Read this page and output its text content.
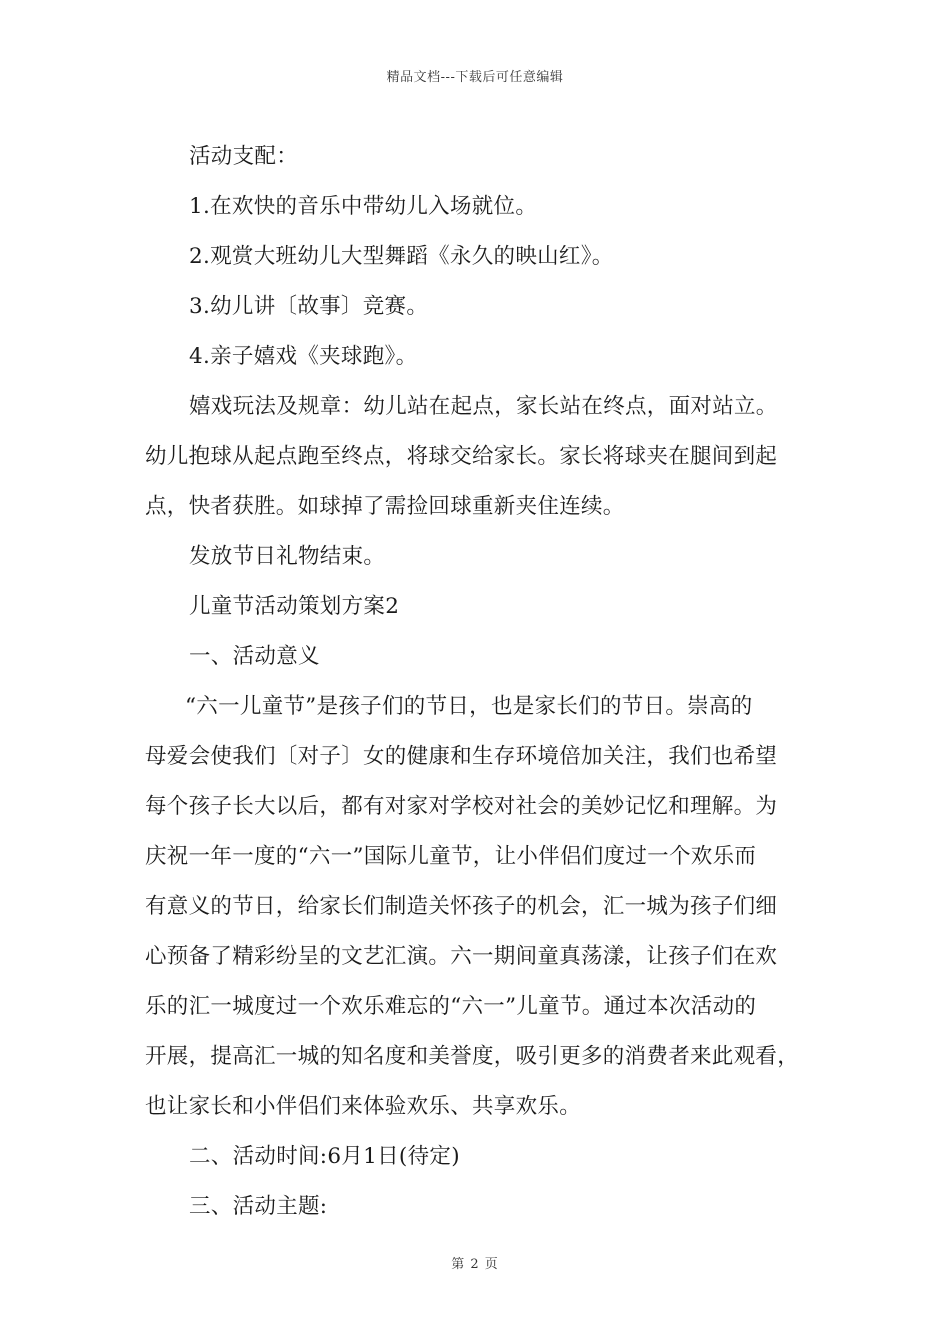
精品文档---下载后可任意编辑
活动支配：
1.在欢快的音乐中带幼儿入场就位。
2.观赏大班幼儿大型舞蹈《永久的映山红》。
3.幼儿讲〔故事〕竞赛。
4.亲子嬉戏《夹球跑》。
嬉戏玩法及规章：幼儿站在起点，家长站在终点，面对站立。
幼儿抱球从起点跑至终点，将球交给家长。家长将球夹在腿间到起
点，快者获胜。如球掉了需捡回球重新夹住连续。
发放节日礼物结束。
儿童节活动策划方案2
一、活动意义
“六一儿童节”是孩子们的节日，也是家长们的节日。崇高的
母爱会使我们〔对子〕女的健康和生存环境倍加关注，我们也希望
每个孩子长大以后，都有对家对学校对社会的美妙记忆和理解。为
庆祝一年一度的“六一”国际儿童节，让小伴侣们度过一个欢乐而
有意义的节日，给家长们制造关怀孩子的机会，汇一城为孩子们细
心预备了精彩纷呈的文艺汇演。六一期间童真荡漾，让孩子们在欢
乐的汇一城度过一个欢乐难忘的“六一”儿童节。通过本次活动的
开展，提高汇一城的知名度和美誉度，吸引更多的消费者来此观看，
也让家长和小伴侣们来体验欢乐、共享欢乐。
二、活动时间:6月1日(待定)
三、活动主题:
第 2 页
